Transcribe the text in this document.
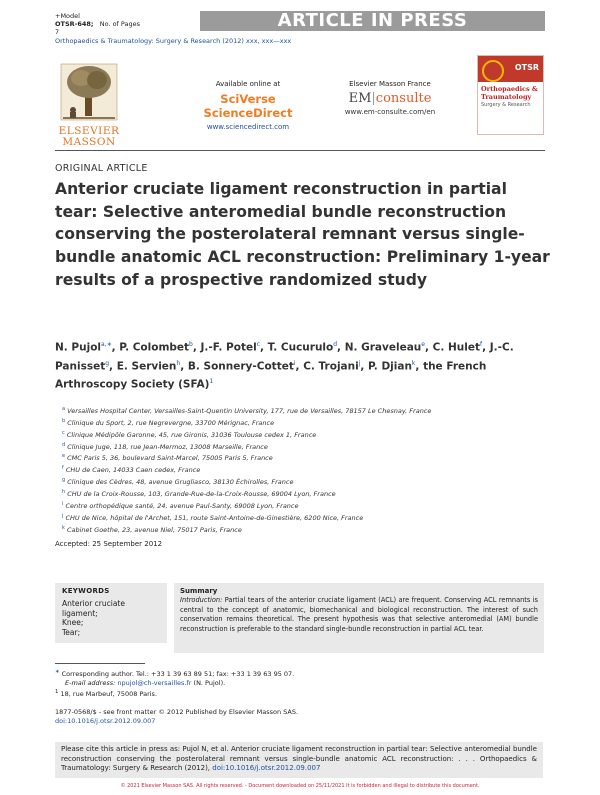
+Model
OTSR-648; No. of Pages 7
ARTICLE IN PRESS
Orthopaedics & Traumatology: Surgery & Research (2012) xxx, xxx—xxx
ELSEVIER
MASSON
Available online at
SciVerse ScienceDirect
www.sciencedirect.com
Elsevier Masson France
EM|consulte
www.em-consulte.com/en
OTSR
Orthopaedics & Traumatology
Surgery & Research
ORIGINAL ARTICLE
Anterior cruciate ligament reconstruction in partial tear: Selective anteromedial bundle reconstruction conserving the posterolateral remnant versus single-bundle anatomic ACL reconstruction: Preliminary 1-year results of a prospective randomized study
N. Pujol$^{a,∗}$, P. Colombet$^b$, J.-F. Potel$^c$, T. Cucurulo$^d$, N. Graveleau$^e$, C. Hulet$^f$, J.-C. Panisset$^g$, E. Servien$^h$, B. Sonnery-Cottet$^i$, C. Trojani$^j$, P. Djian$^k$, the French Arthroscopy Society (SFA)$^1$
$^a$ Versailles Hospital Center, Versailles-Saint-Quentin University, 177, rue de Versailles, 78157 Le Chesnay, France
$^b$ Clinique du Sport, 2, rue Negrevergne, 33700 Mérignac, France
$^c$ Clinique Médipôle Garonne, 45, rue Gironis, 31036 Toulouse cedex 1, France
$^d$ Clinique Juge, 118, rue Jean-Mermoz, 13008 Marseille, France
$^e$ CMC Paris 5, 36, boulevard Saint-Marcel, 75005 Paris 5, France
$^f$ CHU de Caen, 14033 Caen cedex, France
$^g$ Clinique des Cèdres, 48, avenue Grugliasco, 38130 Échirolles, France
$^h$ CHU de la Croix-Rousse, 103, Grande-Rue-de-la-Croix-Rousse, 69004 Lyon, France
$^i$ Centre orthopédique santé, 24, avenue Paul-Santy, 69008 Lyon, France
$^j$ CHU de Nice, hôpital de l'Archet, 151, route Saint-Antoine-de-Ginestière, 6200 Nice, France
$^k$ Cabinet Goethe, 23, avenue Niel, 75017 Paris, France
Accepted: 25 September 2012
KEYWORDS
Anterior cruciate
ligament;
Knee;
Tear;
Summary
Introduction: Partial tears of the anterior cruciate ligament (ACL) are frequent. Conserving ACL remnants is central to the concept of anatomic, biomechanical and biological reconstruction. The interest of such conservation remains theoretical. The present hypothesis was that selective anteromedial (AM) bundle reconstruction is preferable to the standard single-bundle reconstruction in partial ACL tear.
∗ Corresponding author. Tel.: +33 1 39 63 89 51; fax: +33 1 39 63 95 07.
E-mail address: npujol@ch-versailles.fr (N. Pujol).
$^1$ 18, rue Marbeuf, 75008 Paris.
1877-0568/$ - see front matter © 2012 Published by Elsevier Masson SAS.
doi:10.1016/j.otsr.2012.09.007
Please cite this article in press as: Pujol N, et al. Anterior cruciate ligament reconstruction in partial tear: Selective anteromedial bundle reconstruction conserving the posterolateral remnant versus single-bundle anatomic ACL reconstruction: . . . Orthopaedics & Traumatology: Surgery & Research (2012), doi:10.1016/j.otsr.2012.09.007
© 2021 Elsevier Masson SAS. All rights reserved. - Document downloaded on 25/11/2021 It is forbidden and illegal to distribute this document.
